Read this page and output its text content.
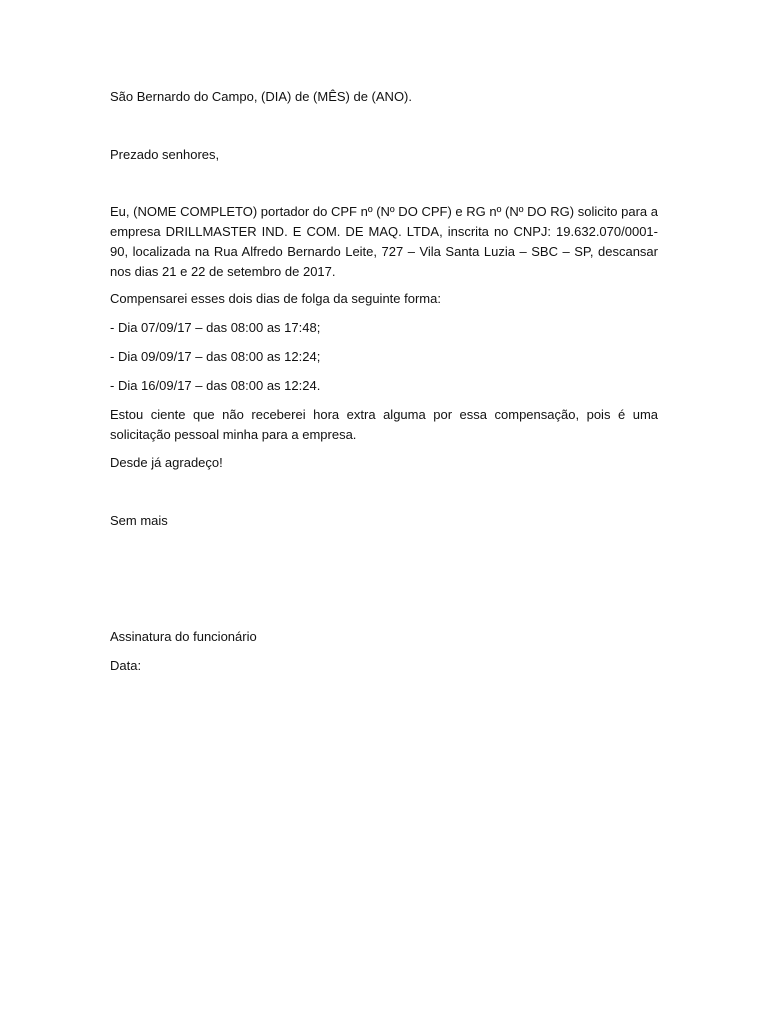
São Bernardo do Campo, (DIA) de (MÊS) de (ANO).

Prezado senhores,

Eu, (NOME COMPLETO) portador do CPF nº (Nº DO CPF) e RG nº (Nº DO RG) solicito para a empresa DRILLMASTER IND. E COM. DE MAQ. LTDA, inscrita no CNPJ: 19.632.070/0001-90, localizada na Rua Alfredo Bernardo Leite, 727 – Vila Santa Luzia – SBC – SP, descansar nos dias 21 e 22 de setembro de 2017.

Compensarei esses dois dias de folga da seguinte forma:

- Dia 07/09/17 – das 08:00 as 17:48;

- Dia 09/09/17 – das 08:00 as 12:24;

- Dia 16/09/17 – das 08:00 as 12:24.

Estou ciente que não receberei hora extra alguma por essa compensação, pois é uma solicitação pessoal minha para a empresa.

Desde já agradeço!

Sem mais

Assinatura do funcionário

Data:
